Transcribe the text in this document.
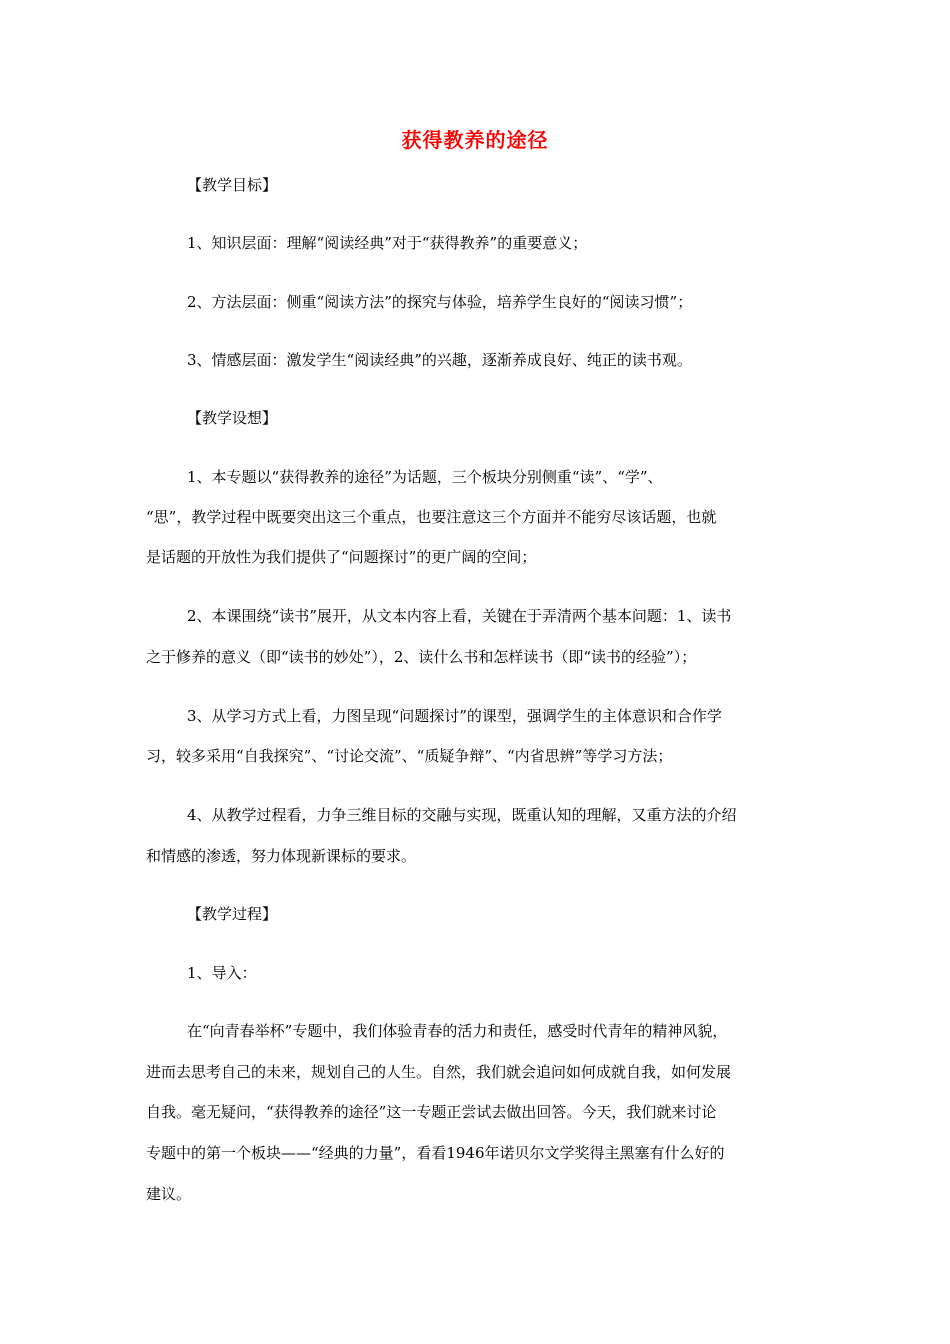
获得教养的途径
【教学目标】
1、知识层面：理解“阅读经典”对于“获得教养”的重要意义；
2、方法层面：侧重“阅读方法”的探究与体验，培养学生良好的“阅读习惯”；
3、情感层面：激发学生“阅读经典”的兴趣，逐渐养成良好、纯正的读书观。
【教学设想】
1、本专题以“获得教养的途径”为话题，三个板块分别侧重“读”、“学”、
“思”，教学过程中既要突出这三个重点，也要注意这三个方面并不能穷尽该话题，也就
是话题的开放性为我们提供了“问题探讨”的更广阔的空间；
2、本课围绕“读书”展开，从文本内容上看，关键在于弄清两个基本问题：1、读书
之于修养的意义（即“读书的妙处”），2、读什么书和怎样读书（即“读书的经验”）；
3、从学习方式上看，力图呈现“问题探讨”的课型，强调学生的主体意识和合作学
习，较多采用“自我探究”、“讨论交流”、“质疑争辩”、“内省思辨”等学习方法；
4、从教学过程看，力争三维目标的交融与实现，既重认知的理解，又重方法的介绍
和情感的渗透，努力体现新课标的要求。
【教学过程】
1、导入：
在“向青春举杯”专题中，我们体验青春的活力和责任，感受时代青年的精神风貌，
进而去思考自己的未来，规划自己的人生。自然，我们就会追问如何成就自我，如何发展
自我。毫无疑问，“获得教养的途径”这一专题正尝试去做出回答。今天，我们就来讨论
专题中的第一个板块——“经典的力量”，看看1946年诺贝尔文学奖得主黑塞有什么好的
建议。
